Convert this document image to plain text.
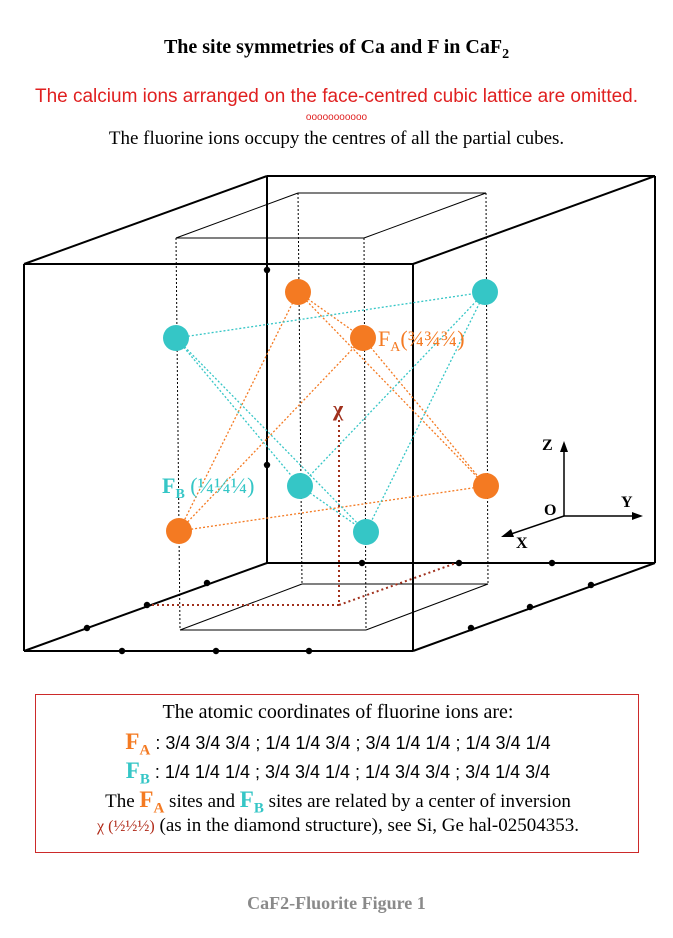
The site symmetries of Ca and F in CaF$_2$
The calcium ions arranged on the face-centred cubic lattice are omitted.
ooooooooooo
The fluorine ions occupy the centres of all the partial cubes.
$F_A(\frac{3}{4}\frac{3}{4}\frac{3}{4})$
$F_B$ (¼¼¼)
χ
Z
Y
X
O
The atomic coordinates of fluorine ions are:
$F_A$ : 3/4 3/4 3/4 ; 1/4 1/4 3/4 ; 3/4 1/4 1/4 ; 1/4 3/4 1/4
$F_B$ : 1/4 1/4 1/4 ; 3/4 3/4 1/4 ; 1/4 3/4 3/4 ; 3/4 1/4 3/4
The $F_A$ sites and $F_B$ sites are related by a center of inversion
χ (½½½) (as in the diamond structure), see Si, Ge hal-02504353.
CaF2-Fluorite Figure 1
